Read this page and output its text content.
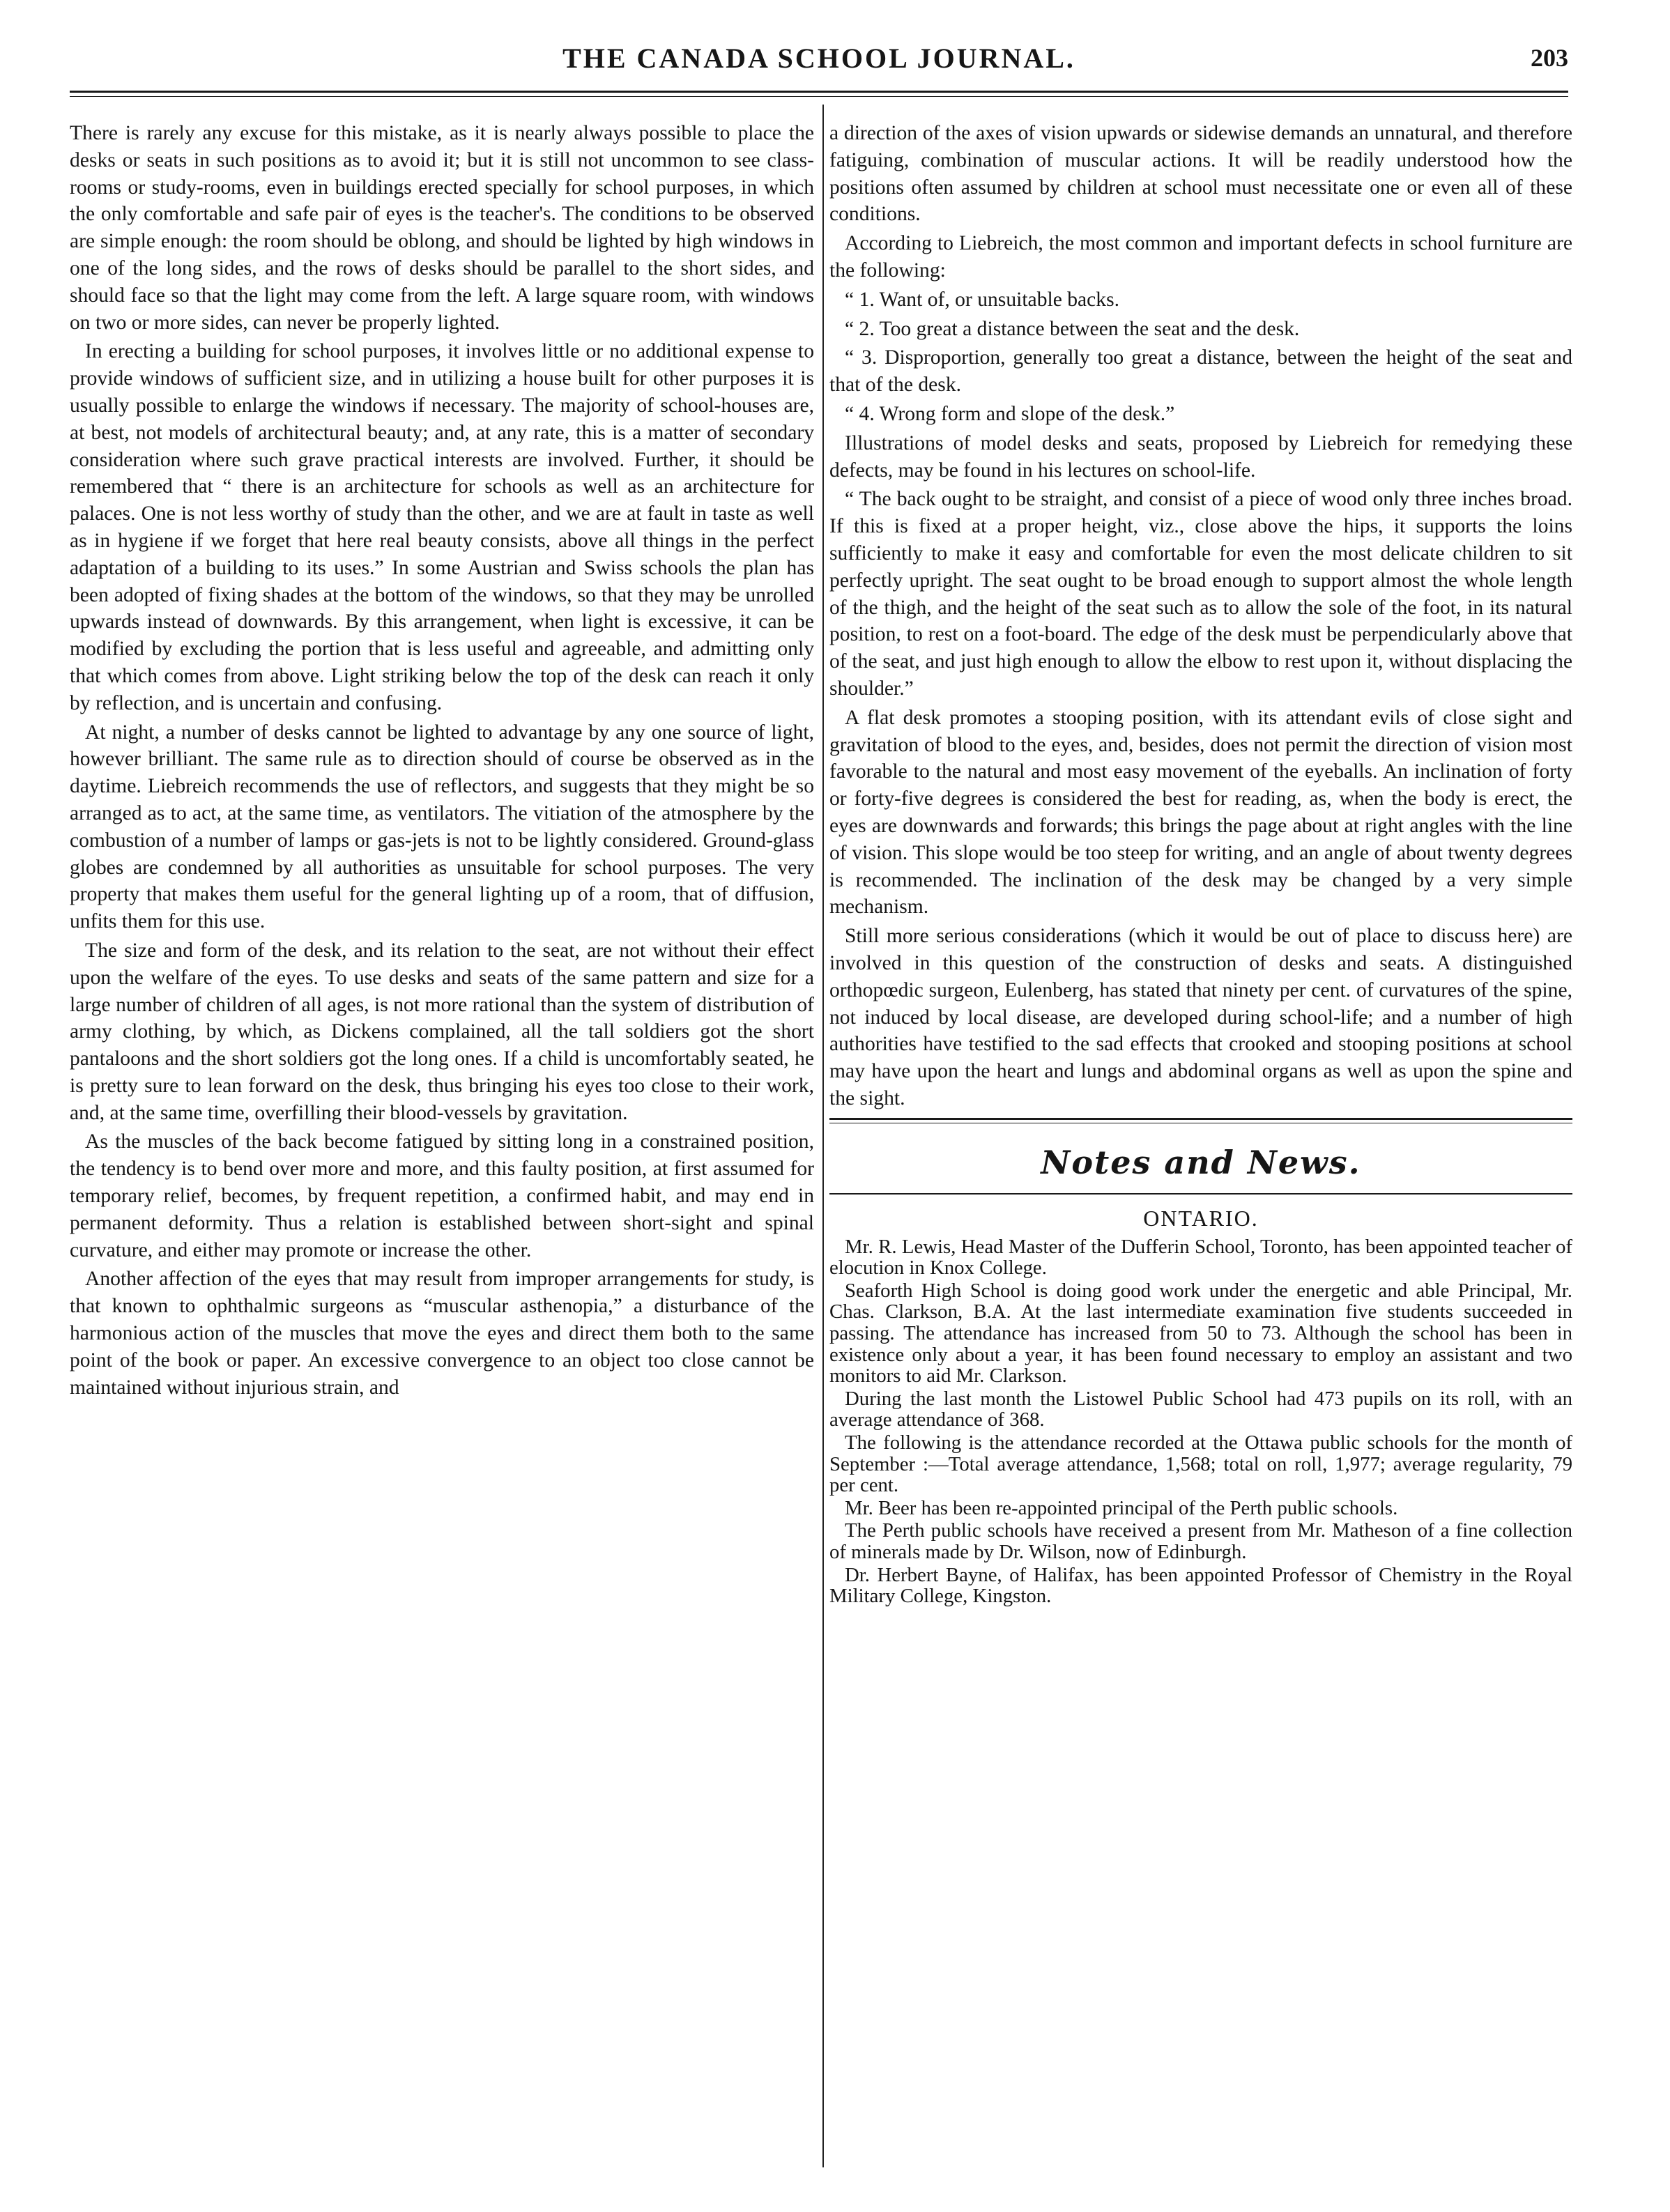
THE CANADA SCHOOL JOURNAL.	203

There is rarely any excuse for this mistake, as it is nearly always possible to place the desks or seats in such positions as to avoid it; but it is still not uncommon to see class-rooms or study-rooms, even in buildings erected specially for school purposes, in which the only comfortable and safe pair of eyes is the teacher's. The conditions to be observed are simple enough: the room should be oblong, and should be lighted by high windows in one of the long sides, and the rows of desks should be parallel to the short sides, and should face so that the light may come from the left. A large square room, with windows on two or more sides, can never be properly lighted.

In erecting a building for school purposes, it involves little or no additional expense to provide windows of sufficient size, and in utilizing a house built for other purposes it is usually possible to enlarge the windows if necessary. The majority of school-houses are, at best, not models of architectural beauty; and, at any rate, this is a matter of secondary consideration where such grave practical interests are involved. Further, it should be remembered that “ there is an architecture for schools as well as an architecture for palaces. One is not less worthy of study than the other, and we are at fault in taste as well as in hygiene if we forget that here real beauty consists, above all things in the perfect adaptation of a building to its uses.” In some Austrian and Swiss schools the plan has been adopted of fixing shades at the bottom of the windows, so that they may be unrolled upwards instead of downwards. By this arrangement, when light is excessive, it can be modified by excluding the portion that is less useful and agreeable, and admitting only that which comes from above. Light striking below the top of the desk can reach it only by reflection, and is uncertain and confusing.

At night, a number of desks cannot be lighted to advantage by any one source of light, however brilliant. The same rule as to direction should of course be observed as in the daytime. Liebreich recommends the use of reflectors, and suggests that they might be so arranged as to act, at the same time, as ventilators. The vitiation of the atmosphere by the combustion of a number of lamps or gas-jets is not to be lightly considered. Ground-glass globes are condemned by all authorities as unsuitable for school purposes. The very property that makes them useful for the general lighting up of a room, that of diffusion, unfits them for this use.

The size and form of the desk, and its relation to the seat, are not without their effect upon the welfare of the eyes. To use desks and seats of the same pattern and size for a large number of children of all ages, is not more rational than the system of distribution of army clothing, by which, as Dickens complained, all the tall soldiers got the short pantaloons and the short soldiers got the long ones. If a child is uncomfortably seated, he is pretty sure to lean forward on the desk, thus bringing his eyes too close to their work, and, at the same time, overfilling their blood-vessels by gravitation.

As the muscles of the back become fatigued by sitting long in a constrained position, the tendency is to bend over more and more, and this faulty position, at first assumed for temporary relief, becomes, by frequent repetition, a confirmed habit, and may end in permanent deformity. Thus a relation is established between short-sight and spinal curvature, and either may promote or increase the other.

Another affection of the eyes that may result from improper arrangements for study, is that known to ophthalmic surgeons as “muscular asthenopia,” a disturbance of the harmonious action of the muscles that move the eyes and direct them both to the same point of the book or paper. An excessive convergence to an object too close cannot be maintained without injurious strain, and

a direction of the axes of vision upwards or sidewise demands an unnatural, and therefore fatiguing, combination of muscular actions. It will be readily understood how the positions often assumed by children at school must necessitate one or even all of these conditions.

According to Liebreich, the most common and important defects in school furniture are the following:

“ 1. Want of, or unsuitable backs.

“ 2. Too great a distance between the seat and the desk.

“ 3. Disproportion, generally too great a distance, between the height of the seat and that of the desk.

“ 4. Wrong form and slope of the desk.”

Illustrations of model desks and seats, proposed by Liebreich for remedying these defects, may be found in his lectures on school-life.

“ The back ought to be straight, and consist of a piece of wood only three inches broad. If this is fixed at a proper height, viz., close above the hips, it supports the loins sufficiently to make it easy and comfortable for even the most delicate children to sit perfectly upright. The seat ought to be broad enough to support almost the whole length of the thigh, and the height of the seat such as to allow the sole of the foot, in its natural position, to rest on a foot-board. The edge of the desk must be perpendicularly above that of the seat, and just high enough to allow the elbow to rest upon it, without displacing the shoulder.”

A flat desk promotes a stooping position, with its attendant evils of close sight and gravitation of blood to the eyes, and, besides, does not permit the direction of vision most favorable to the natural and most easy movement of the eyeballs. An inclination of forty or forty-five degrees is considered the best for reading, as, when the body is erect, the eyes are downwards and forwards; this brings the page about at right angles with the line of vision. This slope would be too steep for writing, and an angle of about twenty degrees is recommended. The inclination of the desk may be changed by a very simple mechanism.

Still more serious considerations (which it would be out of place to discuss here) are involved in this question of the construction of desks and seats. A distinguished orthopœdic surgeon, Eulenberg, has stated that ninety per cent. of curvatures of the spine, not induced by local disease, are developed during school-life; and a number of high authorities have testified to the sad effects that crooked and stooping positions at school may have upon the heart and lungs and abdominal organs as well as upon the spine and the sight.

Notes and News.
ONTARIO.

Mr. R. Lewis, Head Master of the Dufferin School, Toronto, has been appointed teacher of elocution in Knox College.

Seaforth High School is doing good work under the energetic and able Principal, Mr. Chas. Clarkson, B.A. At the last intermediate examination five students succeeded in passing. The attendance has increased from 50 to 73. Although the school has been in existence only about a year, it has been found necessary to employ an assistant and two monitors to aid Mr. Clarkson.

During the last month the Listowel Public School had 473 pupils on its roll, with an average attendance of 368.

The following is the attendance recorded at the Ottawa public schools for the month of September :—Total average attendance, 1,568; total on roll, 1,977; average regularity, 79 per cent.

Mr. Beer has been re-appointed principal of the Perth public schools.

The Perth public schools have received a present from Mr. Matheson of a fine collection of minerals made by Dr. Wilson, now of Edinburgh.

Dr. Herbert Bayne, of Halifax, has been appointed Professor of Chemistry in the Royal Military College, Kingston.
